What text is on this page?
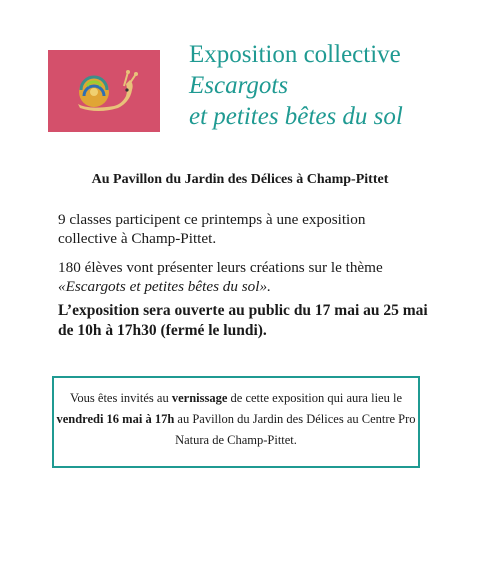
Exposition collective
Escargots
et petites bêtes du sol
Au Pavillon du Jardin des Délices à Champ-Pittet
9 classes participent ce printemps à une exposition collective à Champ-Pittet.
180 élèves vont présenter leurs créations sur le thème
«Escargots et petites bêtes du sol».
L’exposition sera ouverte au public du 17 mai au 25 mai de 10h à 17h30 (fermé le lundi).
Vous êtes invités au vernissage de cette exposition qui aura lieu le
vendredi 16 mai à 17h au Pavillon du Jardin des Délices au Centre Pro Natura de Champ-Pittet.
